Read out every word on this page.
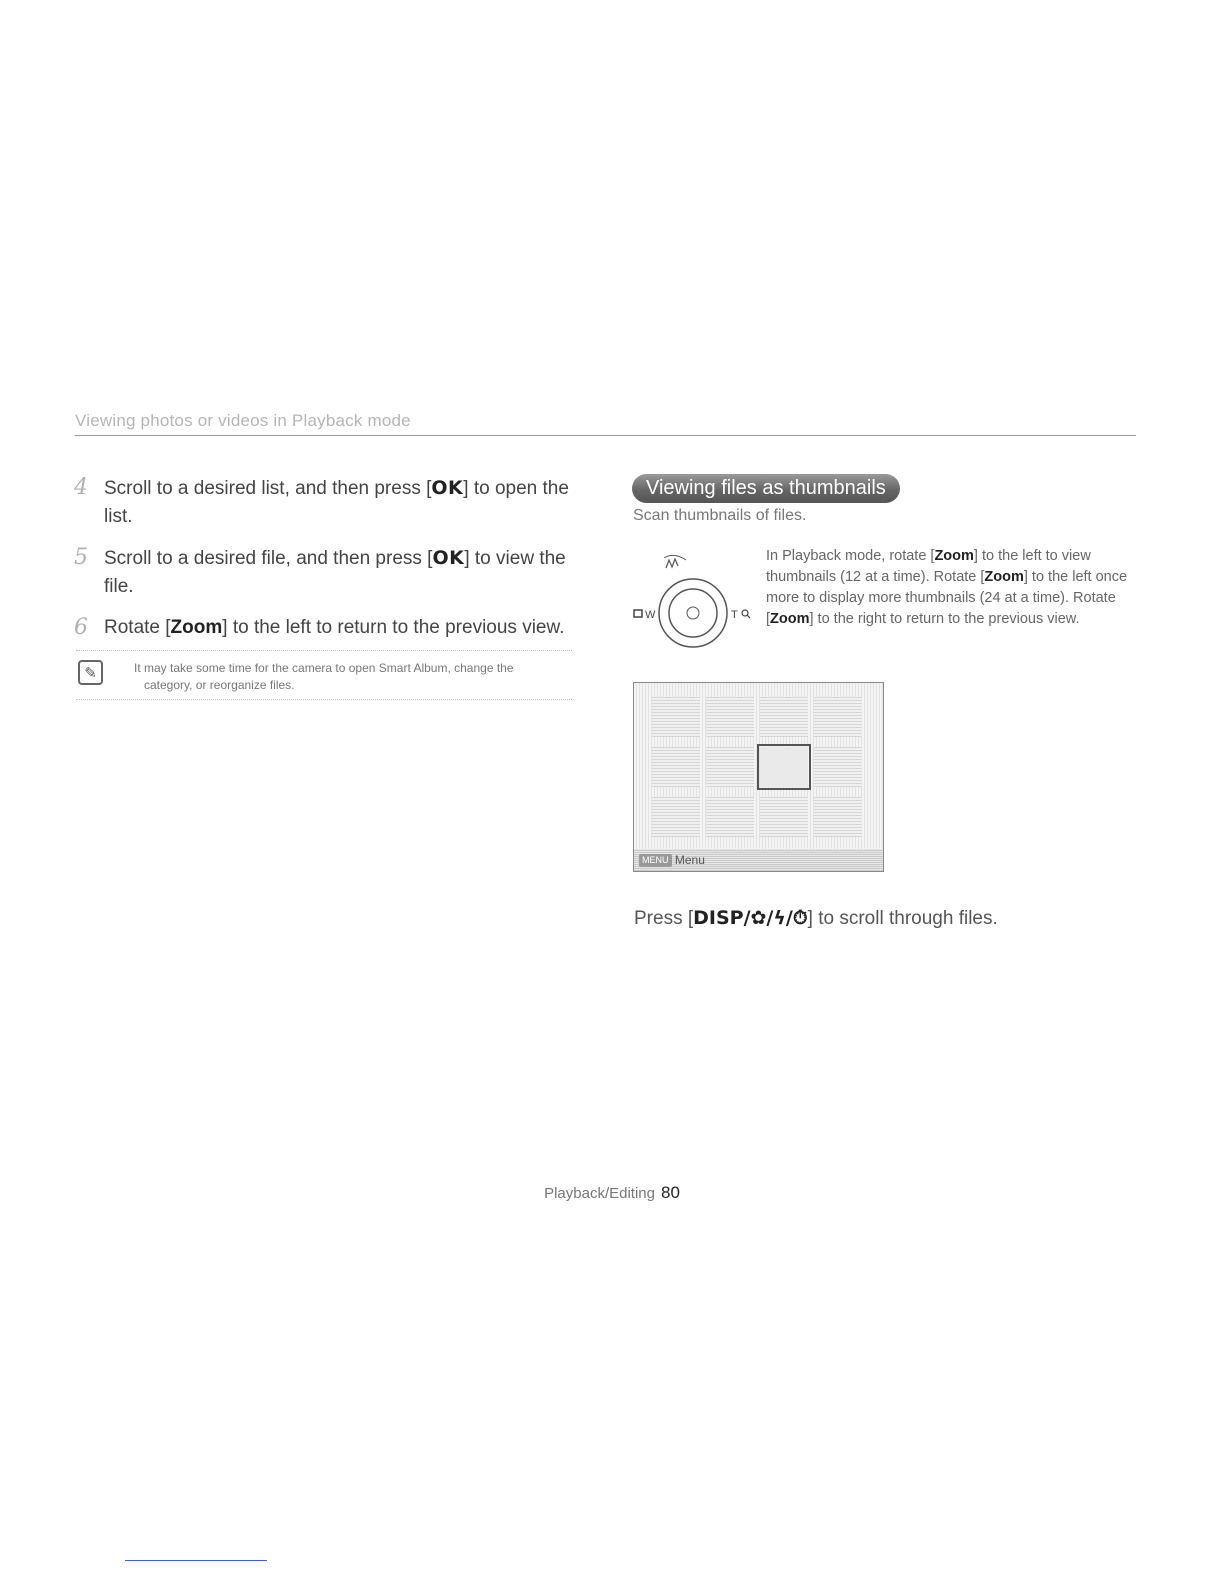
Viewing photos or videos in Playback mode
4 Scroll to a desired list, and then press [OK] to open the list.
5 Scroll to a desired file, and then press [OK] to view the file.
6 Rotate [Zoom] to the left to return to the previous view.
✎	It may take some time for the camera to open Smart Album, change the category, or reorganize files.
Viewing files as thumbnails
Scan thumbnails of files.
W	T
In Playback mode, rotate [Zoom] to the left to view thumbnails (12 at a time). Rotate [Zoom] to the left once more to display more thumbnails (24 at a time). Rotate [Zoom] to the right to return to the previous view.
MENU Menu
Press [DISP/✿/ϟ/⏱] to scroll through files.
Playback/Editing 80
